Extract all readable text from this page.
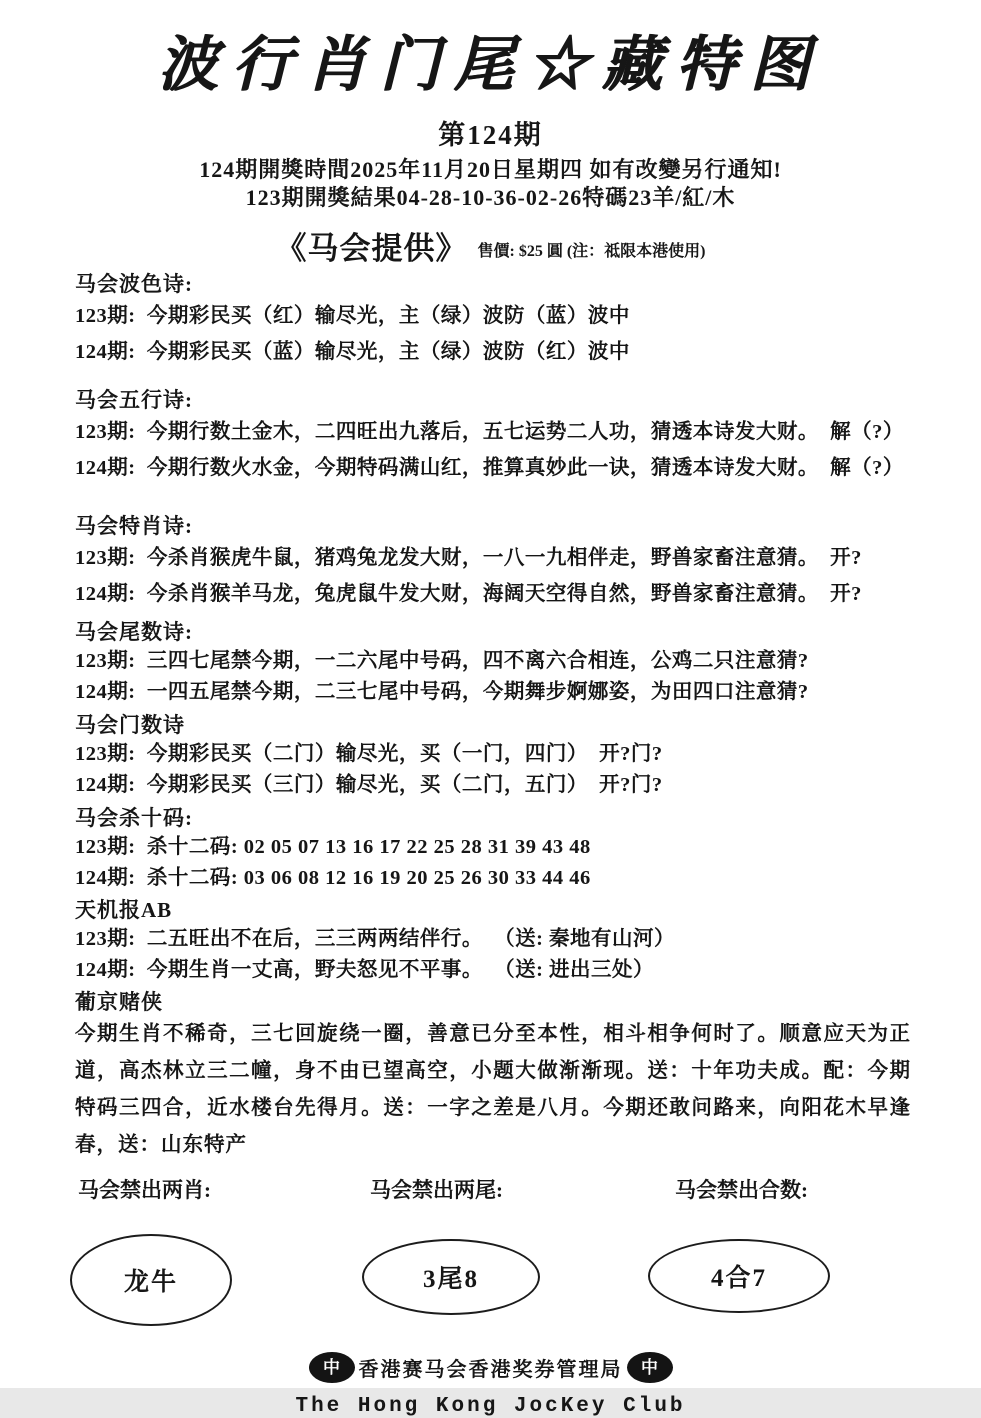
波行肖门尾☆藏特图
第124期
124期開獎時間2025年11月20日星期四 如有改變另行通知!
123期開獎結果04-28-10-36-02-26特碼23羊/紅/木
《马会提供》 售價: $25 圓 (注：祗限本港使用)
马会波色诗:
123期:  今期彩民买（红）输尽光，主（绿）波防（蓝）波中
124期:  今期彩民买（蓝）输尽光，主（绿）波防（红）波中
马会五行诗:
123期:  今期行数土金木，二四旺出九落后，五七运势二人功，猜透本诗发大财。  解（?）
124期:  今期行数火水金，今期特码满山红，推算真妙此一诀，猜透本诗发大财。  解（?）
马会特肖诗:
123期:  今杀肖猴虎牛鼠，猪鸡兔龙发大财，一八一九相伴走，野兽家畜注意猜。  开?
124期:  今杀肖猴羊马龙，兔虎鼠牛发大财，海阔天空得自然，野兽家畜注意猜。  开?
马会尾数诗:
123期:  三四七尾禁今期，一二六尾中号码，四不离六合相连，公鸡二只注意猜?
124期:  一四五尾禁今期，二三七尾中号码，今期舞步婀娜姿，为田四口注意猜?
马会门数诗
123期:  今期彩民买（二门）输尽光，买（一门，四门）  开?门?
124期:  今期彩民买（三门）输尽光，买（二门，五门）  开?门?
马会杀十码:
123期:  杀十二码: 02 05 07 13 16 17 22 25 28 31 39 43 48
124期:  杀十二码: 03 06 08 12 16 19 20 25 26 30 33 44 46
天机报AB
123期:  二五旺出不在后，三三两两结伴行。  （送: 秦地有山河）
124期:  今期生肖一丈高，野夫怒见不平事。  （送: 进出三处）
葡京赌侠
今期生肖不稀奇，三七回旋绕一圈，善意已分至本性，相斗相争何时了。顺意应天为正道，高杰林立三二幢，身不由已望高空，小题大做渐渐现。送：十年功夫成。配：今期特码三四合，近水楼台先得月。送：一字之差是八月。今期还敢问路来，向阳花木早逢春，送：山东特产
马会禁出两肖:	马会禁出两尾:	马会禁出合数:
龙牛	3尾8	4合7
中 香港赛马会香港奖券管理局	中
The Hong Kong JocKey Club
